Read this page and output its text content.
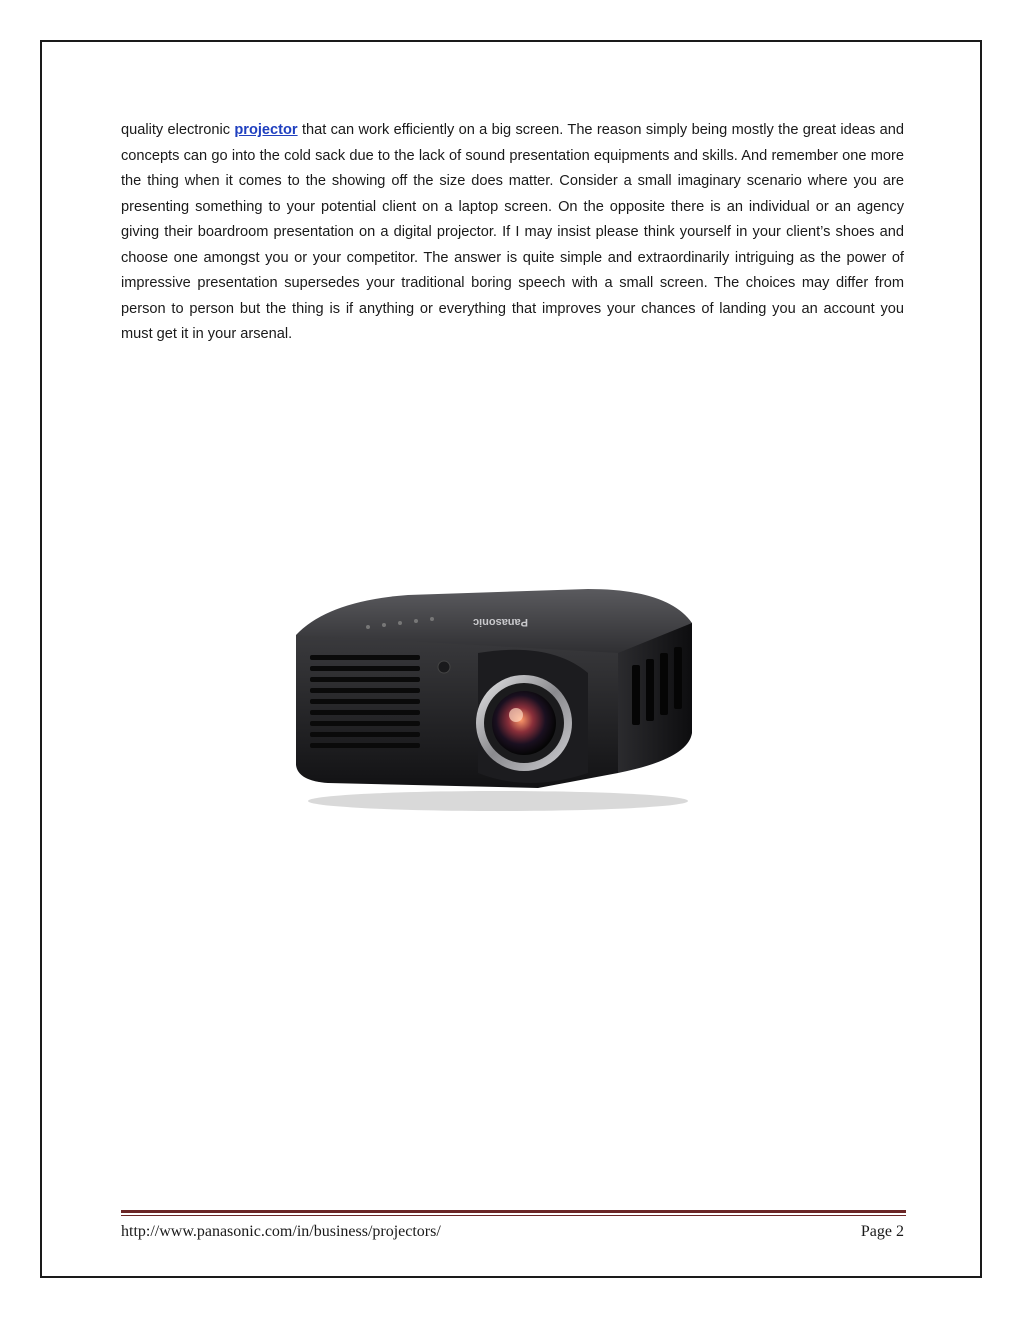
quality electronic projector that can work efficiently on a big screen. The reason simply being mostly the great ideas and concepts can go into the cold sack due to the lack of sound presentation equipments and skills. And remember one more the thing when it comes to the showing off the size does matter. Consider a small imaginary scenario where you are presenting something to your potential client on a laptop screen. On the opposite there is an individual or an agency giving their boardroom presentation on a digital projector. If I may insist please think yourself in your client’s shoes and choose one amongst you or your competitor. The answer is quite simple and extraordinarily intriguing as the power of impressive presentation supersedes your traditional boring speech with a small screen. The choices may differ from person to person but the thing is if anything or everything that improves your chances of landing you an account you must get it in your arsenal.

Panasonic
http://www.panasonic.com/in/business/projectors/	Page 2
